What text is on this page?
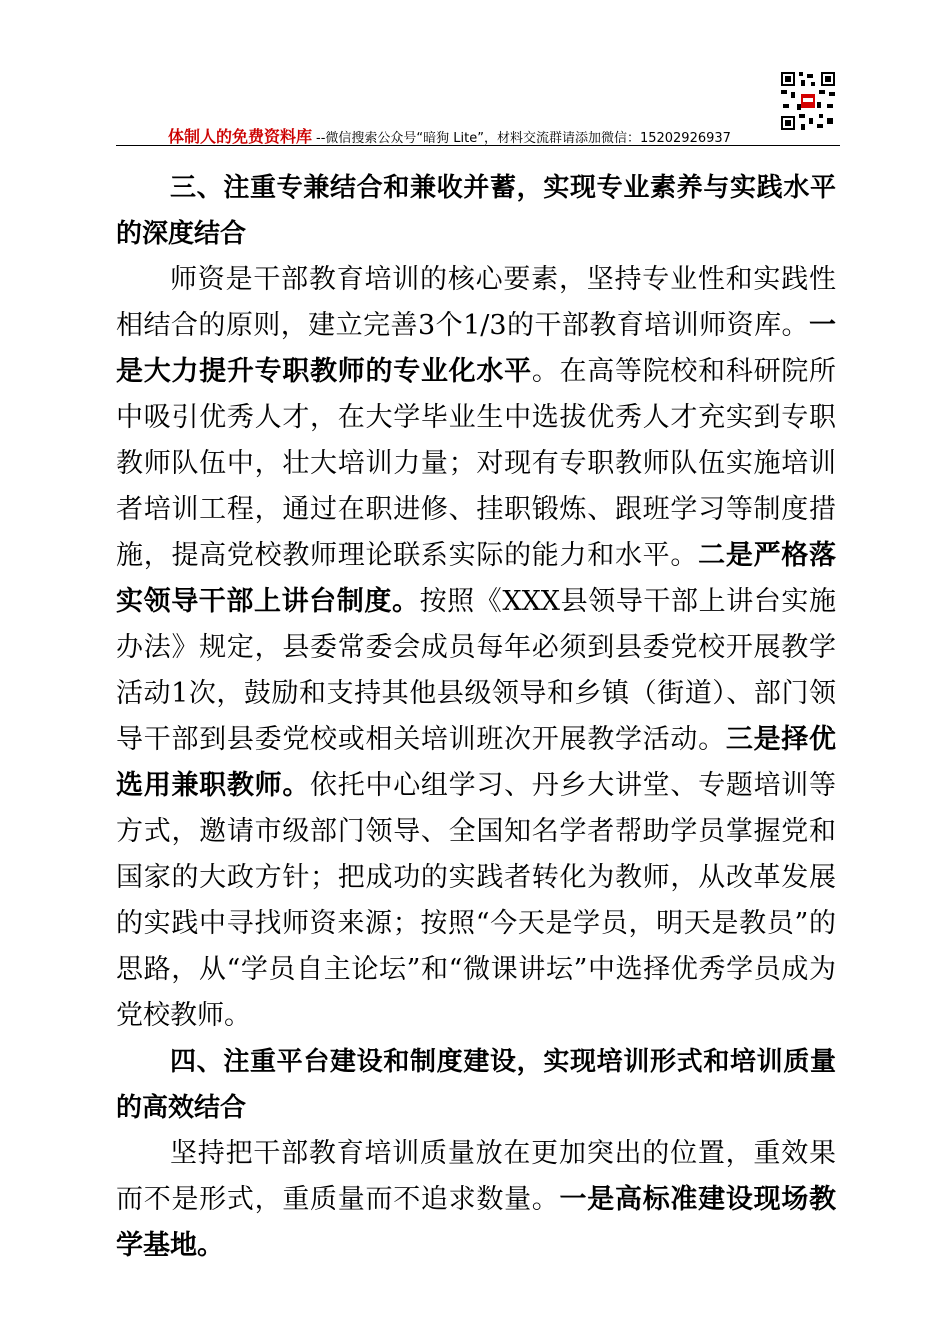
体制人的免费资料库 --微信搜索公众号“暗狗 Lite”，材料交流群请添加微信：15202926937

三、注重专兼结合和兼收并蓄，实现专业素养与实践水平的深度结合

师资是干部教育培训的核心要素，坚持专业性和实践性相结合的原则，建立完善3个1/3的干部教育培训师资库。一是大力提升专职教师的专业化水平。在高等院校和科研院所中吸引优秀人才，在大学毕业生中选拔优秀人才充实到专职教师队伍中，壮大培训力量；对现有专职教师队伍实施培训者培训工程，通过在职进修、挂职锻炼、跟班学习等制度措施，提高党校教师理论联系实际的能力和水平。二是严格落实领导干部上讲台制度。按照《XXX县领导干部上讲台实施办法》规定，县委常委会成员每年必须到县委党校开展教学活动1次，鼓励和支持其他县级领导和乡镇（街道）、部门领导干部到县委党校或相关培训班次开展教学活动。三是择优选用兼职教师。依托中心组学习、丹乡大讲堂、专题培训等方式，邀请市级部门领导、全国知名学者帮助学员掌握党和国家的大政方针；把成功的实践者转化为教师，从改革发展的实践中寻找师资来源；按照“今天是学员，明天是教员”的思路，从“学员自主论坛”和“微课讲坛”中选择优秀学员成为党校教师。

四、注重平台建设和制度建设，实现培训形式和培训质量的高效结合

坚持把干部教育培训质量放在更加突出的位置，重效果而不是形式，重质量而不追求数量。一是高标准建设现场教学基地。
